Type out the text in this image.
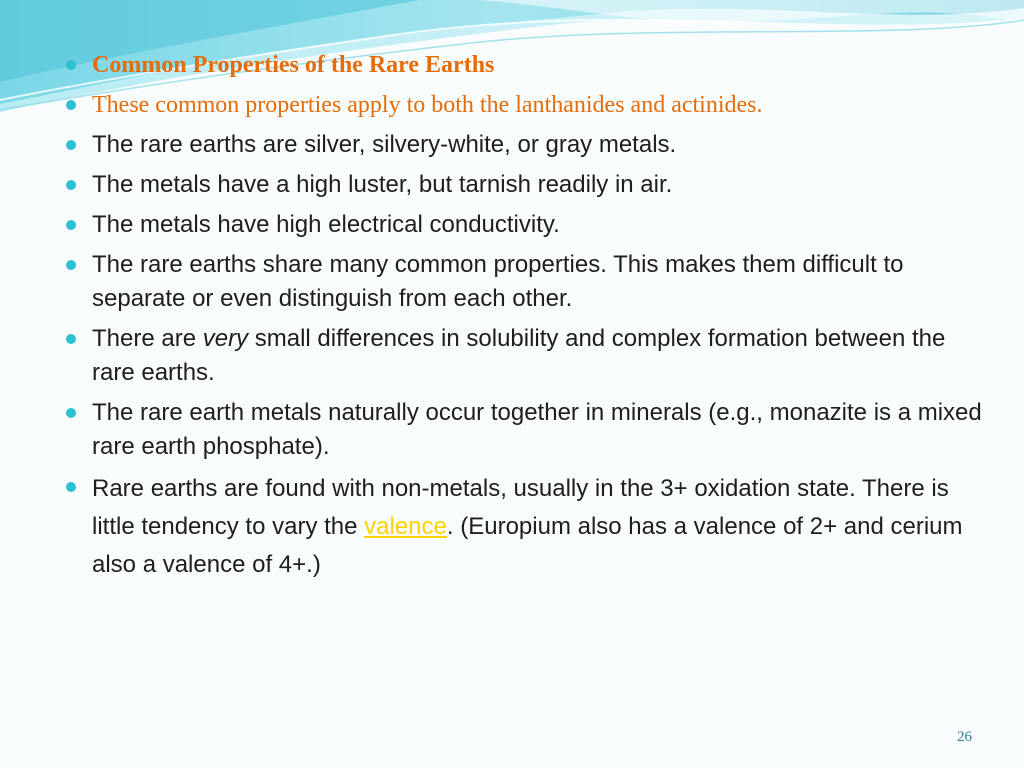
Common Properties of the Rare Earths
These common properties apply to both the lanthanides and actinides.
The rare earths are silver, silvery-white, or gray metals.
The metals have a high luster, but tarnish readily in air.
The metals have high electrical conductivity.
The rare earths share many common properties. This makes them difficult to separate or even distinguish from each other.
There are very small differences in solubility and complex formation between the rare earths.
The rare earth metals naturally occur together in minerals (e.g., monazite is a mixed rare earth phosphate).
Rare earths are found with non-metals, usually in the 3+ oxidation state. There is little tendency to vary the valence. (Europium also has a valence of 2+ and cerium also a valence of 4+.)
26
